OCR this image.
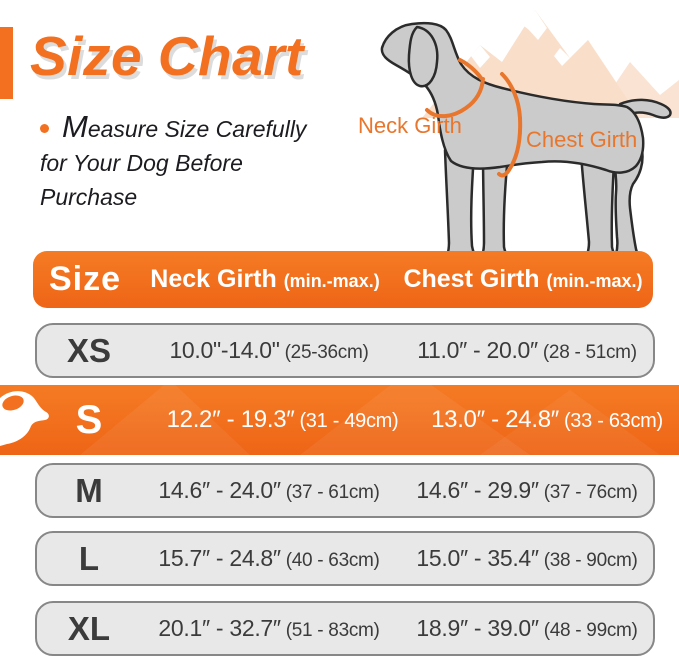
Size Chart
Measure Size Carefully
for Your Dog Before
Purchase
Neck Girth
Chest Girth
Size	Neck Girth (min.-max.) Chest Girth (min.-max.)
XS	10.0"-14.0" (25-36cm)	11.0″ - 20.0″ (28 - 51cm)
S	12.2″ - 19.3″ (31 - 49cm)	13.0″ - 24.8″ (33 - 63cm)
M	14.6″ - 24.0″ (37 - 61cm)	14.6″ - 29.9″ (37 - 76cm)
L	15.7″ - 24.8″ (40 - 63cm)	15.0″ - 35.4″ (38 - 90cm)
XL	20.1″ - 32.7″ (51 - 83cm)	18.9″ - 39.0″ (48 - 99cm)
